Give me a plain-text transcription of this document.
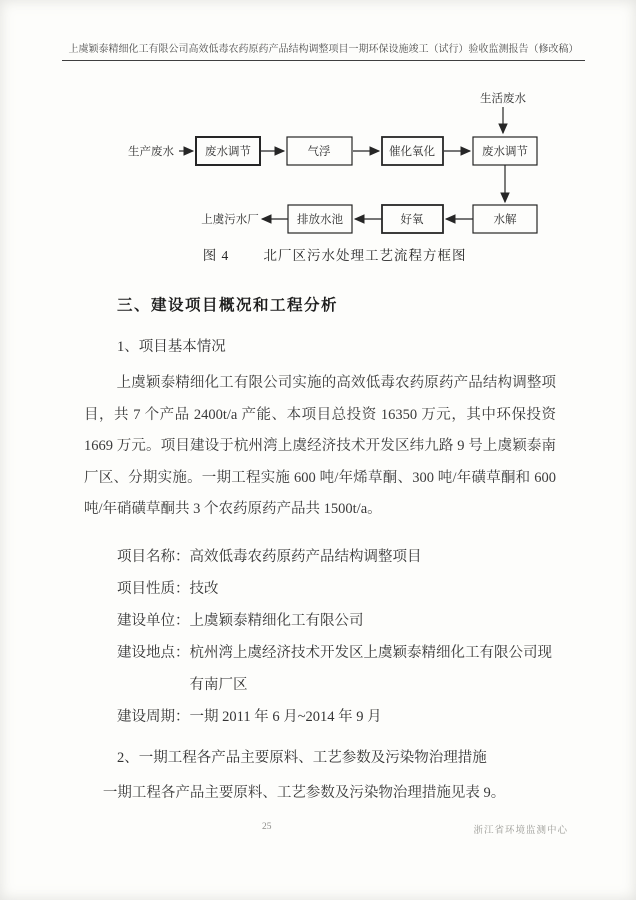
上虞颖泰精细化工有限公司高效低毒农药原药产品结构调整项目一期环保设施竣工（试行）验收监测报告（修改稿）
生活废水
生产废水	废水调节	气浮	催化氧化	废水调节
水解
好氧
排放水池
上虞污水厂
图 4	北厂区污水处理工艺流程方框图

三、建设项目概况和工程分析

1、项目基本情况

上虞颖泰精细化工有限公司实施的高效低毒农药原药产品结构调整项目，共 7 个产品 2400t/a 产能、本项目总投资 16350 万元，其中环保投资 1669 万元。项目建设于杭州湾上虞经济技术开发区纬九路 9 号上虞颖泰南厂区、分期实施。一期工程实施 600 吨/年烯草酮、300 吨/年磺草酮和 600 吨/年硝磺草酮共 3 个农药原药产品共 1500t/a。

项目名称： 高效低毒农药原药产品结构调整项目
项目性质： 技改
建设单位： 上虞颖泰精细化工有限公司
建设地点： 杭州湾上虞经济技术开发区上虞颖泰精细化工有限公司现有南厂区
建设周期： 一期 2011 年 6 月~2014 年 9 月
2、一期工程各产品主要原料、工艺参数及污染物治理措施

一期工程各产品主要原料、工艺参数及污染物治理措施见表 9。

25	浙江省环境监测中心
